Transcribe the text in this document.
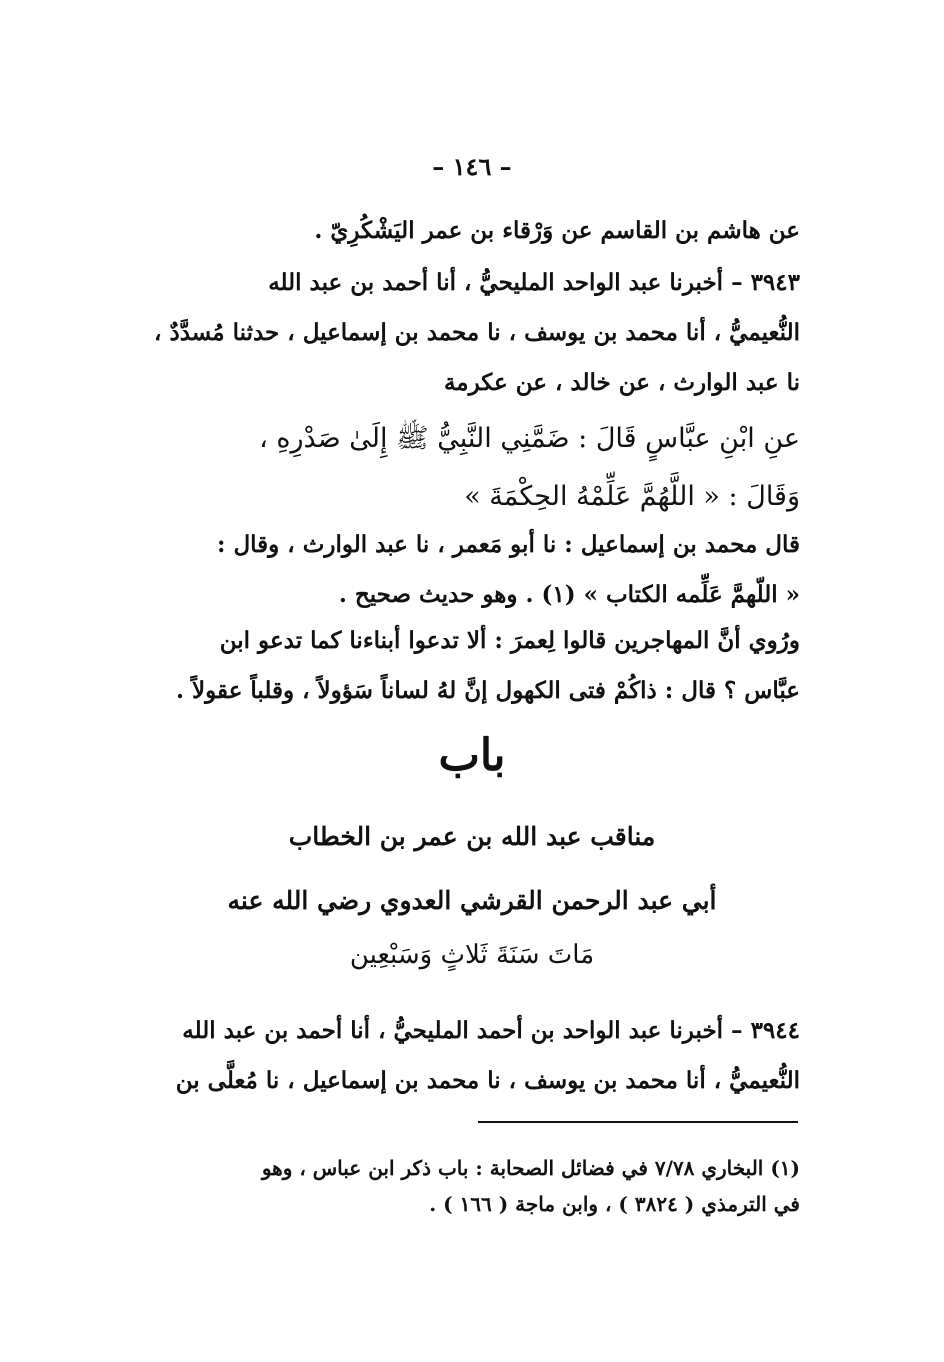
– ١٤٦ –
عن هاشم بن القاسم عن وَرْقاء بن عمر اليَشْكُرِيّ .
٣٩٤٣ – أخبرنا عبد الواحد المليحيُّ ، أنا أحمد بن عبد الله
النُّعيميُّ ، أنا محمد بن يوسف ، نا محمد بن إسماعيل ، حدثنا مُسدَّدٌ ،
نا عبد الوارث ، عن خالد ، عن عكرمة
عنِ ابْنِ عبَّاسٍ قَالَ : ضَمَّنِي النَّبِيُّ ﷺ إِلَىٰ صَدْرِهِ ،
وَقَالَ : « اللَّهُمَّ عَلِّمْهُ الحِكْمَةَ »
قال محمد بن إسماعيل : نا أبو مَعمر ، نا عبد الوارث ، وقال :
« اللّهمَّ عَلِّمه الكتاب » (١) . وهو حديث صحيح .
ورُوي أنَّ المهاجرين قالوا لِعمرَ : ألا تدعوا أبناءنا كما تدعو ابن
عبَّاس ؟ قال : ذاكُمْ فتى الكهول إنَّ لهُ لساناً سَؤولاً ، وقلباً عقولاً .
باب
مناقب عبد الله بن عمر بن الخطاب
أبي عبد الرحمن القرشي العدوي رضي الله عنه
مَاتَ سَنَةَ ثَلاثٍ وَسَبْعِين
٣٩٤٤ – أخبرنا عبد الواحد بن أحمد المليحيُّ ، أنا أحمد بن عبد الله
النُّعيميُّ ، أنا محمد بن يوسف ، نا محمد بن إسماعيل ، نا مُعلَّى بن
(١) البخاري ٧/٧٨ في فضائل الصحابة : باب ذكر ابن عباس ، وهو
في الترمذي ( ٣٨٢٤ ) ، وابن ماجة ( ١٦٦ ) .
